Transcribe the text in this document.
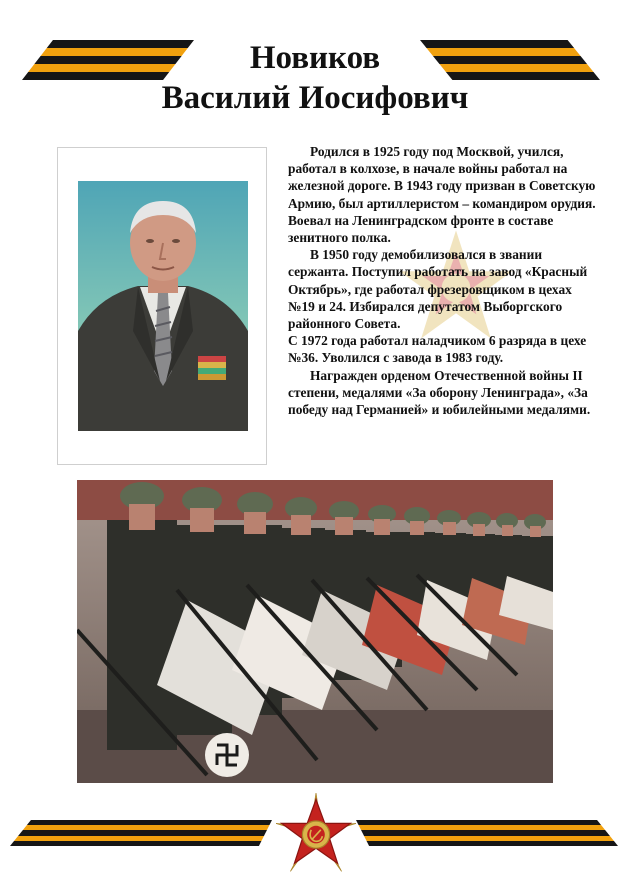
Новиков
Василий Иосифович

Родился в 1925 году под Москвой, учился, работал в колхозе, в начале войны работал на железной дороге. В 1943 году призван в Советскую Армию, был артиллеристом – командиром орудия. Воевал на Ленинградском фронте в составе зенитного полка.

В 1950 году демобилизовался в звании сержанта. Поступил работать на завод «Красный Октябрь», где работал фрезеровщиком в цехах №19 и 24. Избирался депутатом Выборгского районного Совета.

С 1972 года работал наладчиком 6 разряда в цехе №36. Уволился с завода в 1983 году.

Награжден орденом Отечественной войны II степени, медалями «За оборону Ленинграда», «За победу над Германией» и юбилейными медалями.
